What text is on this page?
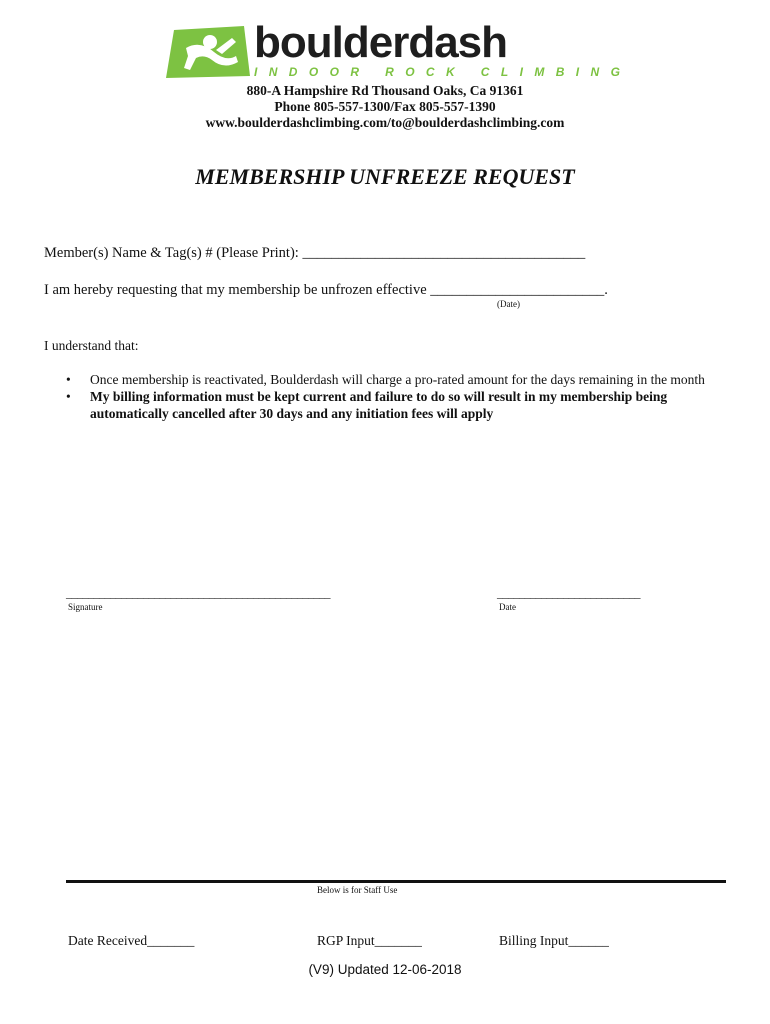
boulderdash
INDOOR ROCK CLIMBING
880-A Hampshire Rd Thousand Oaks, Ca 91361
Phone 805-557-1300/Fax 805-557-1390
www.boulderdashclimbing.com/to@boulderdashclimbing.com
MEMBERSHIP UNFREEZE REQUEST
Member(s) Name & Tag(s) # (Please Print): _______________________________________
I am hereby requesting that my membership be unfrozen effective ________________________.
(Date)
I understand that:
• Once membership is reactivated, Boulderdash will charge a pro-rated amount for the days remaining in the month
• My billing information must be kept current and failure to do so will result in my membership being automatically cancelled after 30 days and any initiation fees will apply
________________________________________________
Signature
__________________________
Date
Below is for Staff Use
Date Received_______	RGP Input_______	Billing Input______
(V9) Updated 12-06-2018
